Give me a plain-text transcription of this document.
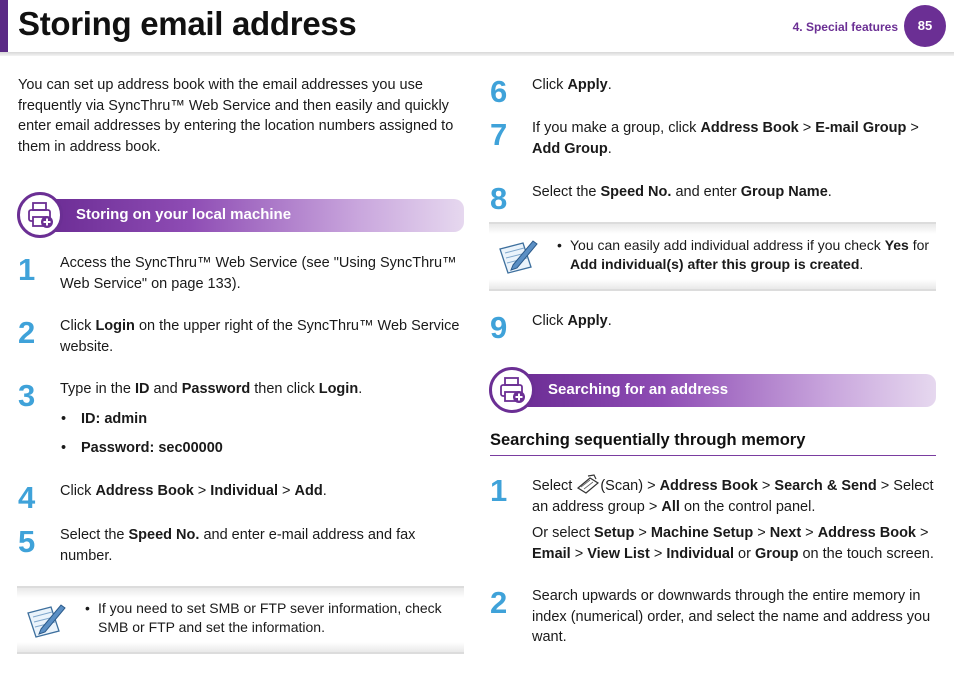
Storing email address	4. Special features	85

You can set up address book with the email addresses you use frequently via SyncThru™ Web Service and then easily and quickly enter email addresses by entering the location numbers assigned to them in address book.

Storing on your local machine
1 Access the SyncThru™ Web Service (see "Using SyncThru™ Web Service" on page 133).
2 Click Login on the upper right of the SyncThru™ Web Service website.
3 Type in the ID and Password then click Login.
• ID: admin
• Password: sec00000
4 Click Address Book > Individual > Add.
5 Select the Speed No. and enter e-mail address and fax number.
• If you need to set SMB or FTP sever information, check SMB or FTP and set the information.
6 Click Apply.
7 If you make a group, click Address Book > E-mail Group > Add Group.
8 Select the Speed No. and enter Group Name.
• You can easily add individual address if you check Yes for Add individual(s) after this group is created.
9 Click Apply.
Searching for an address
Searching sequentially through memory
1 Select (Scan) > Address Book > Search & Send > Select an address group > All on the control panel.
Or select Setup > Machine Setup > Next > Address Book > Email > View List > Individual or Group on the touch screen.
2 Search upwards or downwards through the entire memory in index (numerical) order, and select the name and address you want.
